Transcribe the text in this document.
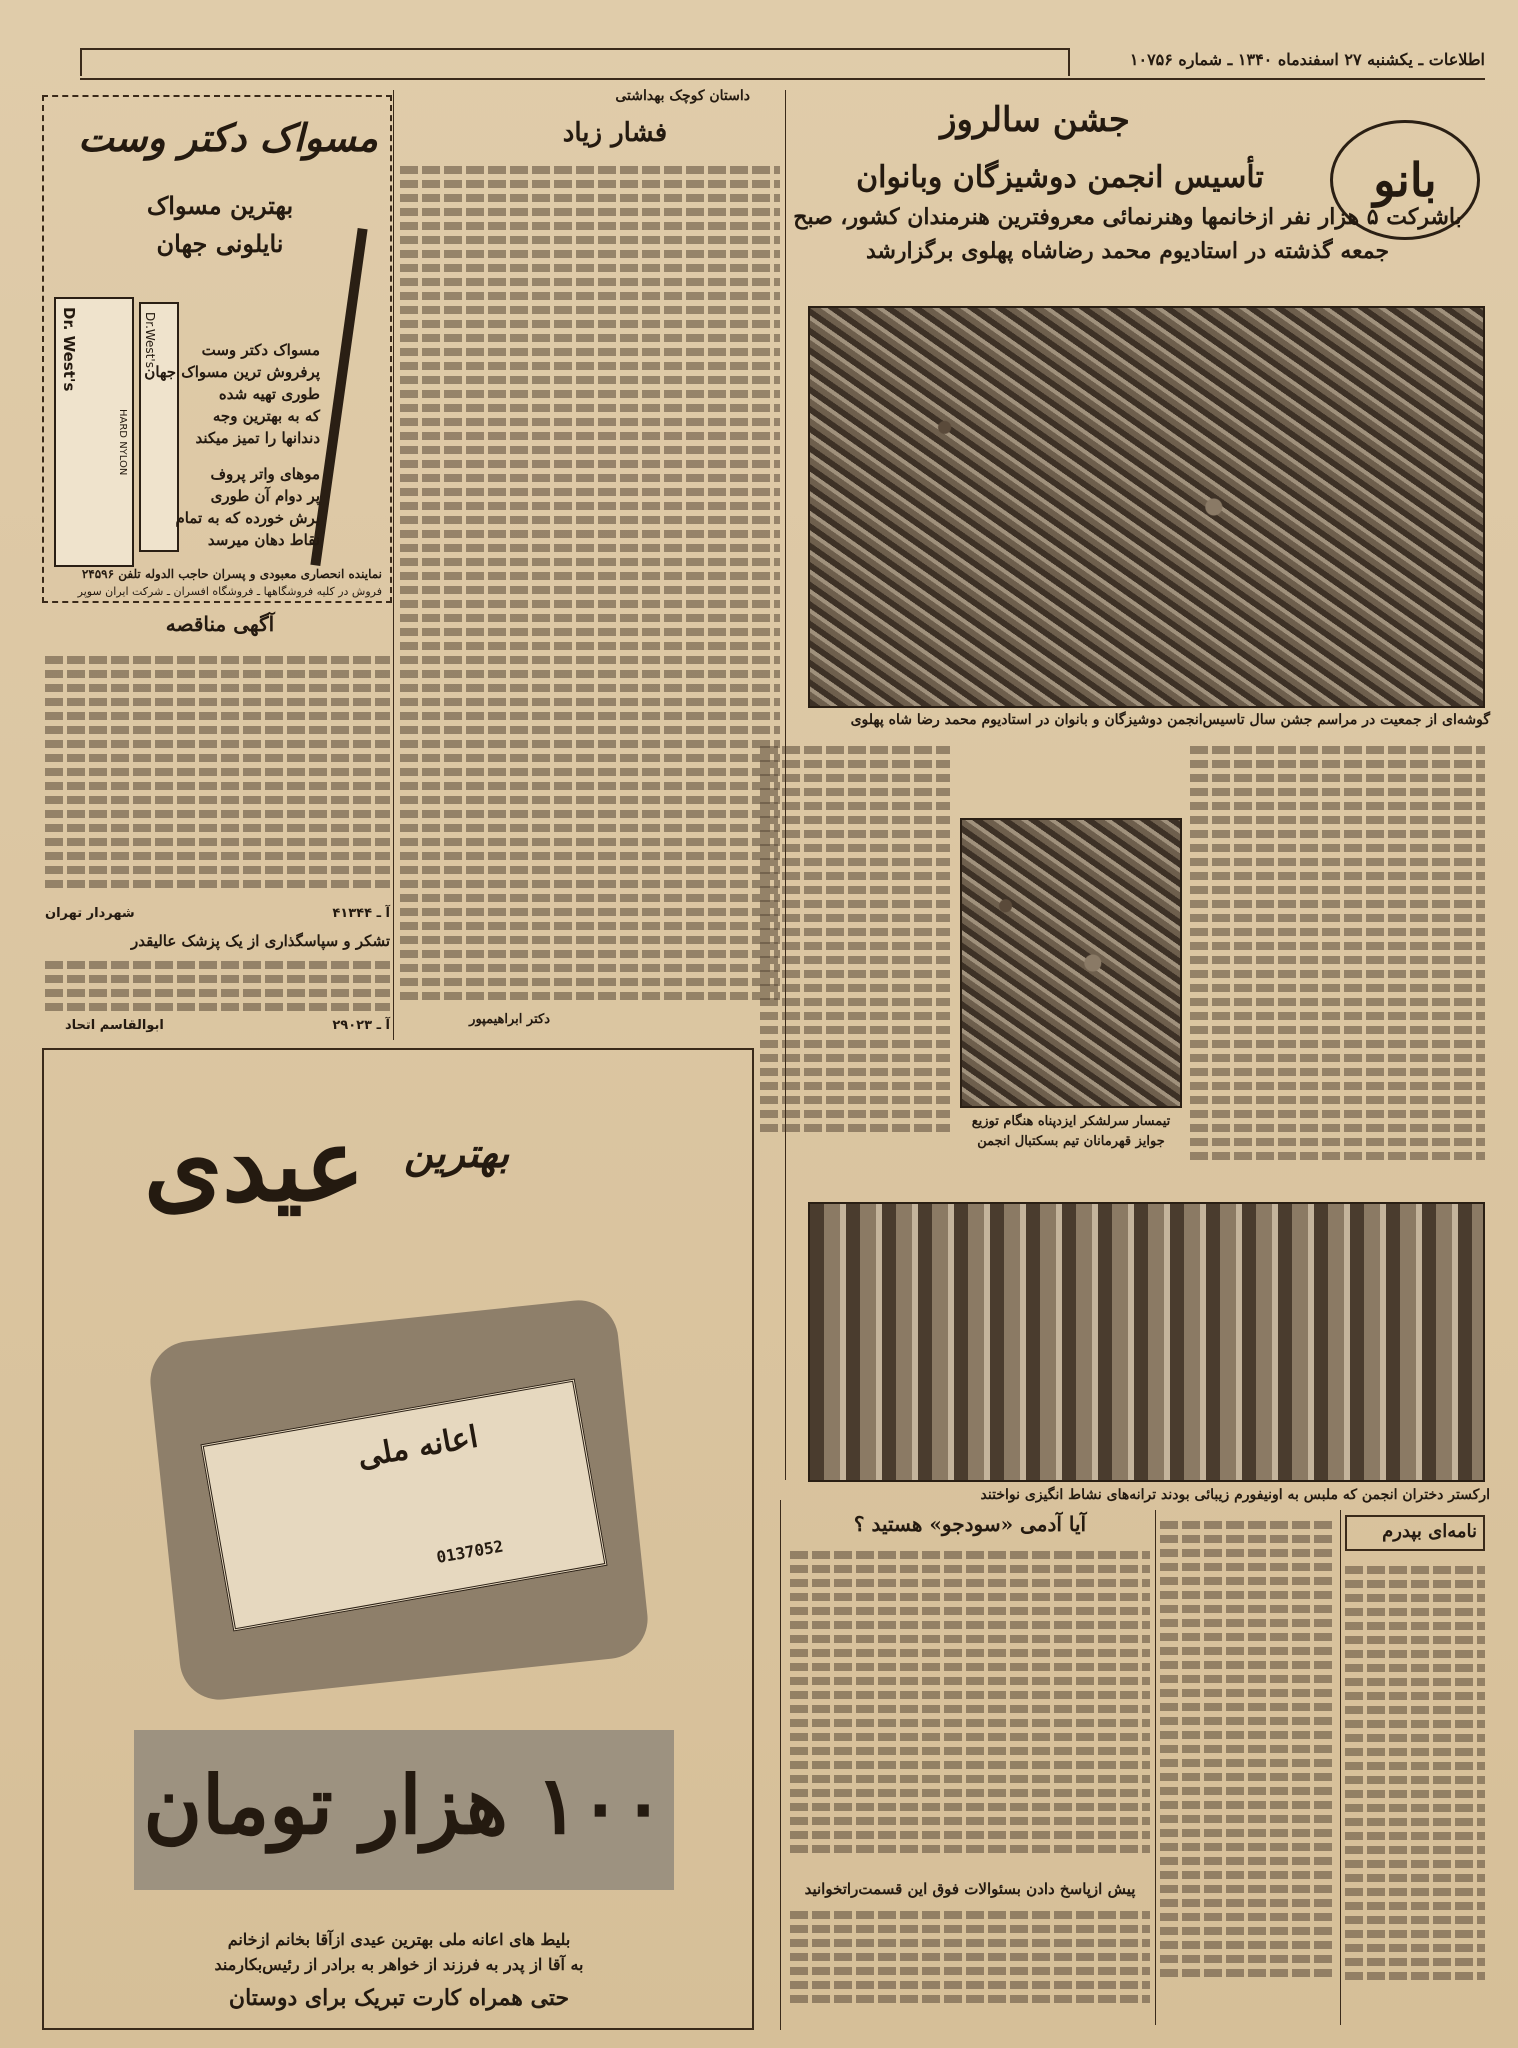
اطلاعات ـ یکشنبه ۲۷ اسفندماه ۱۳۴۰ ـ شماره ۱۰۷۵۶
بانو
جشن سالروز
تأسیس انجمن دوشیزگان وبانوان
باشرکت ۵ هزار نفر ازخانمها وهنرنمائی معروفترین هنرمندان کشور، صبح جمعه گذشته در استادیوم محمد رضاشاه پهلوی برگزارشد
گوشه‌ای از جمعیت در مراسم جشن سال تاسیس‌انجمن دوشیزگان و بانوان در استادیوم محمد رضا شاه پهلوی
تیمسار سرلشکر ایزدپناه هنگام توزیع جوایز قهرمانان تیم بسکتبال انجمن
ارکستر دختران انجمن که ملبس به اونیفورم زیبائی بودند ترانه‌های نشاط انگیزی نواختند
داستان کوچک بهداشتی
فشار زیاد
دکتر ابراهیمپور
مسواک دکتر وست
بهترین مسواک نایلونی جهان
Dr. West's
HARD NYLON
Dr.West's	مسواک دکتر وست
پرفروش ترین مسواک جهان
طوری تهیه شده
که به بهترین وجه
دندانها را تمیز میکند
موهای واتر پروف
پر دوام آن طوری
برش خورده که به تمام
نقاط دهان میرسد
نماینده انحصاری معبودی و پسران حاجب الدوله تلفن ۲۴۵۹۶
فروش در کلیه فروشگاهها ـ فروشگاه افسران ـ شرکت ایران سوپر
آگهی مناقصه
شهردار تهران	آ ـ ۴۱۳۴۴
تشکر و سپاسگذاری از یک پزشک عالیقدر
ابوالقاسم اتحاد	آ ـ ۲۹۰۲۳
بهترین
عیدی
اعانه ملی
0137052
۱۰۰ هزار تومان
بلیط های اعانه ملی بهترین عیدی ازآقا بخانم ازخانم
به آقا از پدر به فرزند از خواهر به برادر از رئیس‌بکارمند
حتی همراه کارت تبریک برای دوستان
نامه‌ای بپدرم
آیا آدمی «سودجو» هستید ؟
پیش ازپاسخ دادن بسئوالات فوق این قسمت‌راتخوانید
